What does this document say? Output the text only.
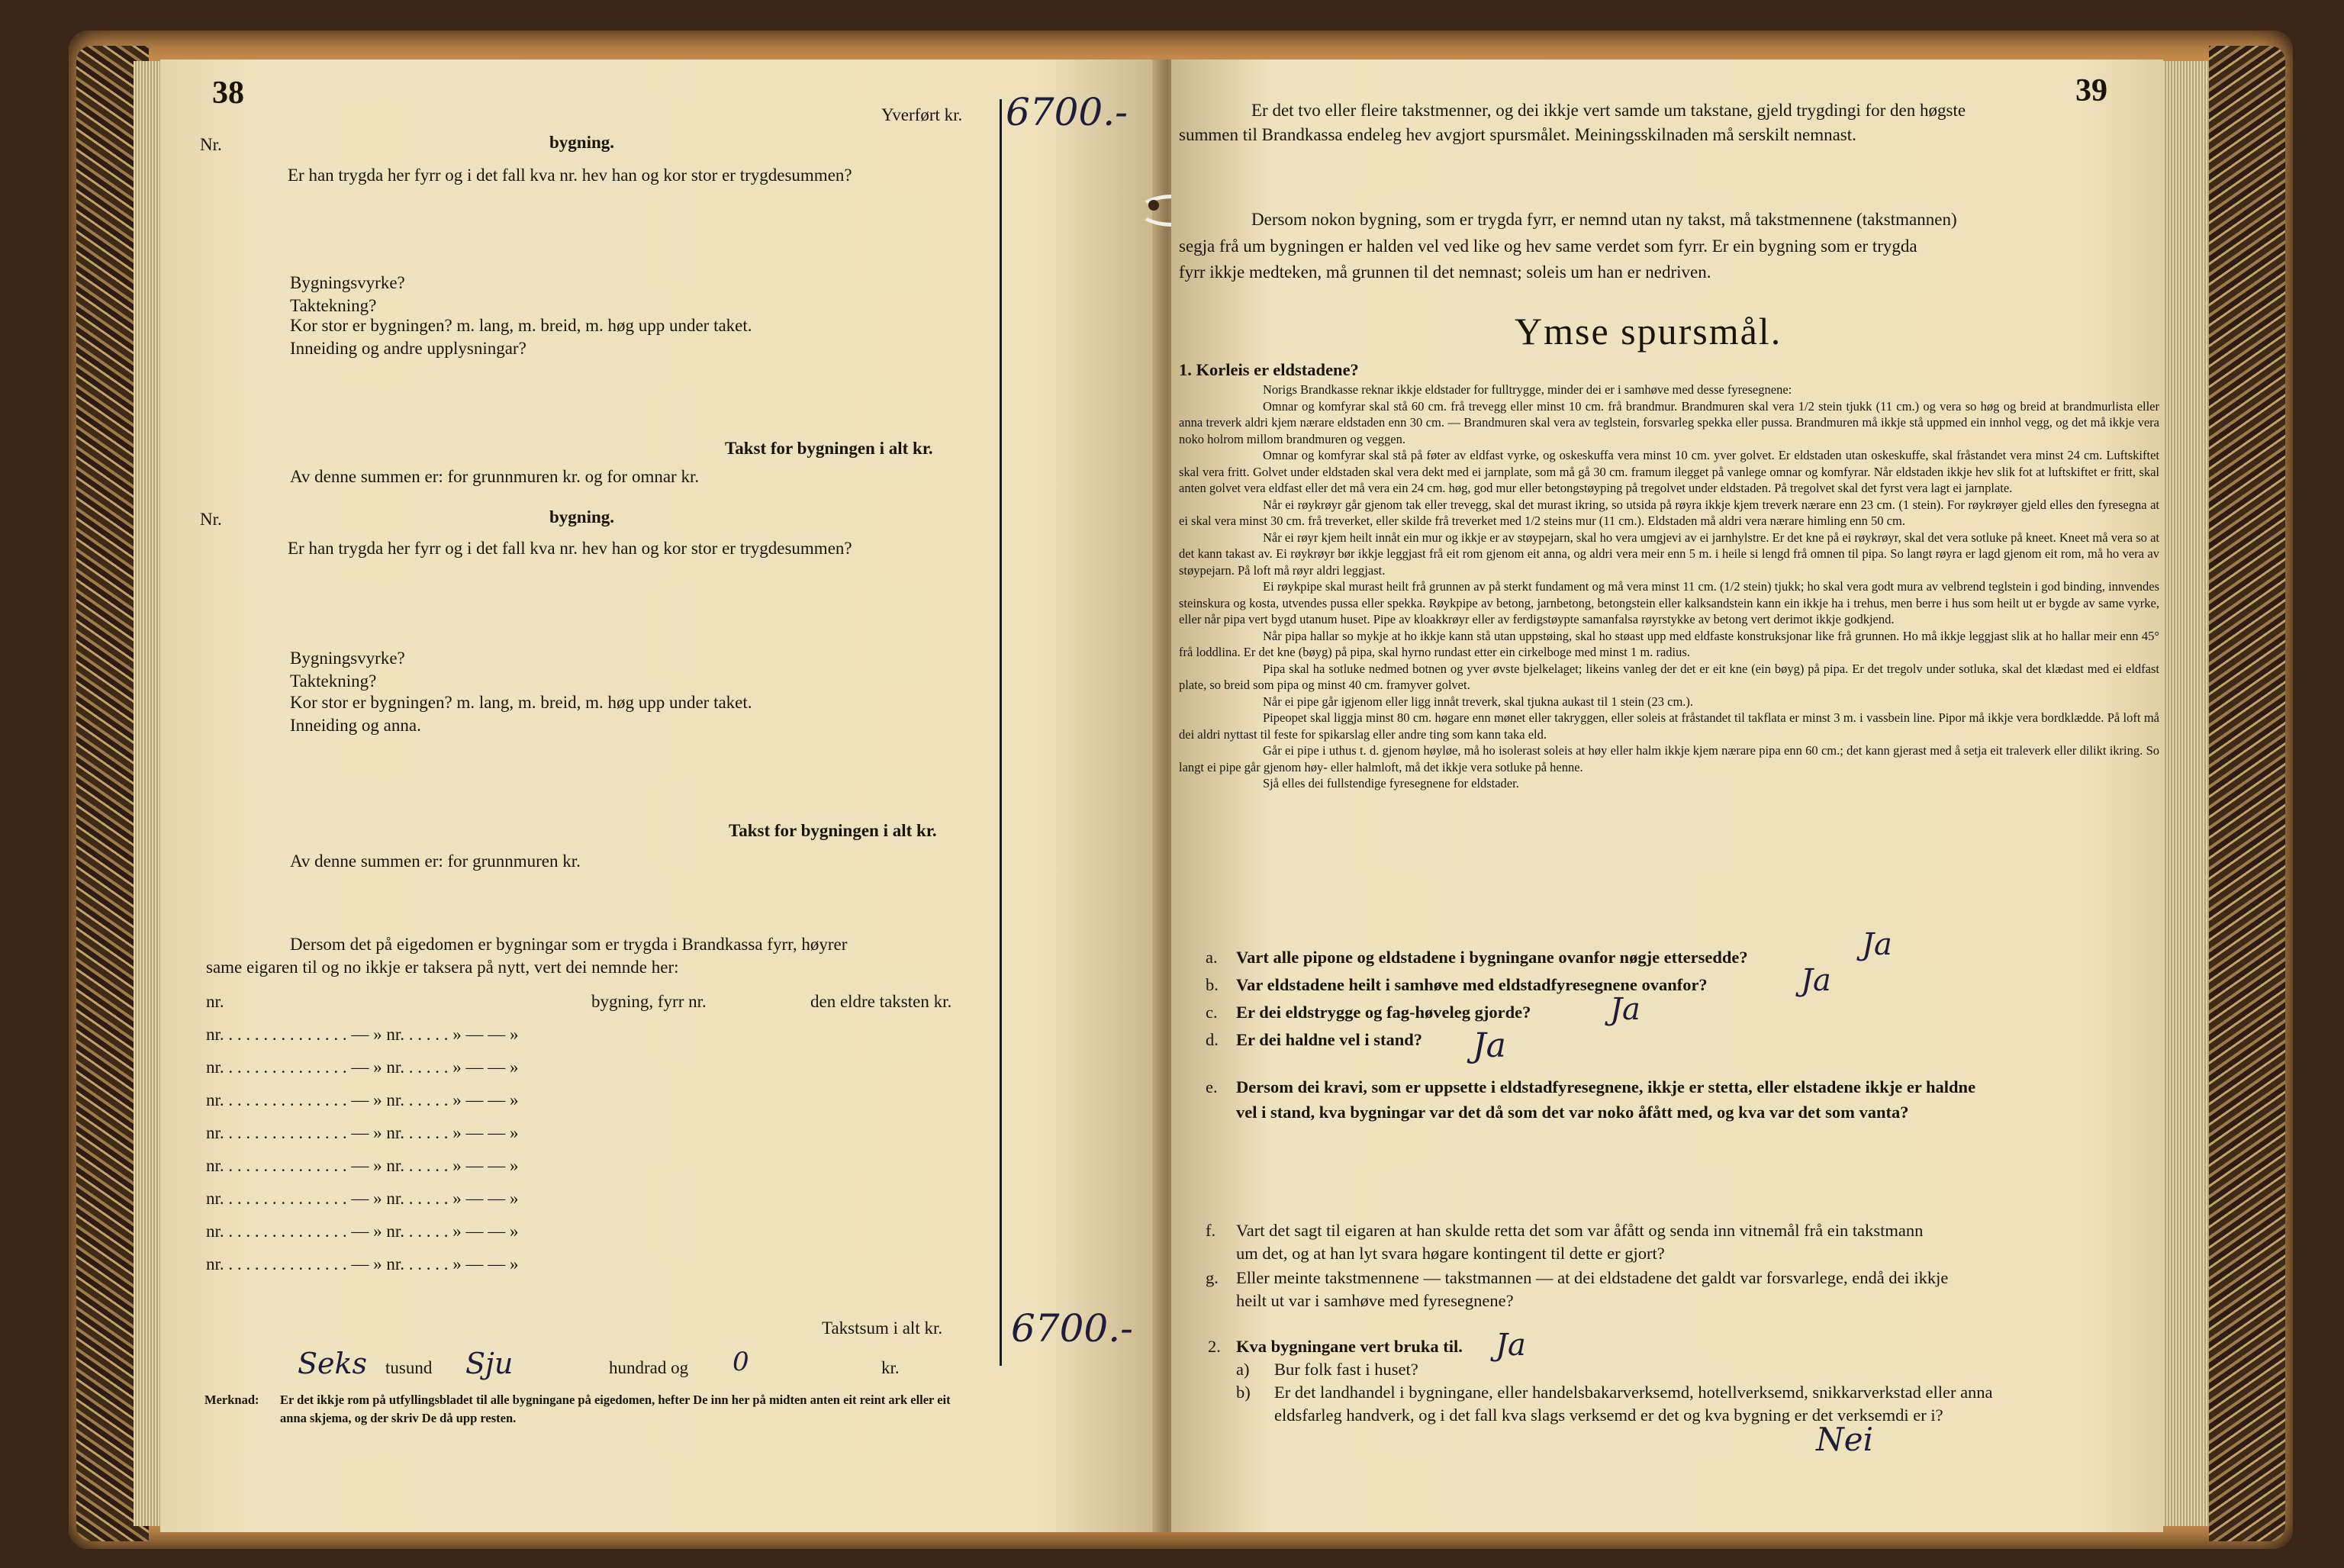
38
Yverført kr. 6700.-
Nr.	bygning.
Er han trygda her fyrr og i det fall kva nr. hev han og kor stor er trygdesummen?
Bygningsvyrke?
Taktekning?
Kor stor er bygningen? m. lang, m. breid, m. høg upp under taket.
Inneiding og andre upplysningar?
Takst for bygningen i alt kr.
Av denne summen er: for grunnmuren kr. og for omnar kr.
Nr.	bygning.
Er han trygda her fyrr og i det fall kva nr. hev han og kor stor er trygdesummen?
Bygningsvyrke?
Taktekning?
Kor stor er bygningen? m. lang, m. breid, m. høg upp under taket.
Inneiding og anna.
Takst for bygningen i alt kr.
Av denne summen er: for grunnmuren kr.
Dersom det på eigedomen er bygningar som er trygda i Brandkassa fyrr, høyrer
same eigaren til og no ikkje er taksera på nytt, vert dei nemnde her:
nr.	bygning, fyrr nr.	den eldre taksten kr.
nr. . . . . . . . . . . . . . . — » nr. . . . . . » — — »
nr. . . . . . . . . . . . . . . — » nr. . . . . . » — — »
nr. . . . . . . . . . . . . . . — » nr. . . . . . » — — »
nr. . . . . . . . . . . . . . . — » nr. . . . . . » — — »
nr. . . . . . . . . . . . . . . — » nr. . . . . . » — — »
nr. . . . . . . . . . . . . . . — » nr. . . . . . » — — »
nr. . . . . . . . . . . . . . . — » nr. . . . . . » — — »
nr. . . . . . . . . . . . . . . — » nr. . . . . . » — — »
Takstsum i alt kr. 6700.-
Seks tusund Sju	hundrad og 0	kr.
Merknad: Er det ikkje rom på utfyllingsbladet til alle bygningane på eigedomen, hefter De inn her på midten anten eit reint ark eller eit
anna skjema, og der skriv De då upp resten.
39
Er det tvo eller fleire takstmenner, og dei ikkje vert samde um takstane, gjeld trygdingi for den høgste
summen til Brandkassa endeleg hev avgjort spursmålet. Meiningsskilnaden må serskilt nemnast.
Dersom nokon bygning, som er trygda fyrr, er nemnd utan ny takst, må takstmennene (takstmannen)
segja frå um bygningen er halden vel ved like og hev same verdet som fyrr. Er ein bygning som er trygda
fyrr ikkje medteken, må grunnen til det nemnast; soleis um han er nedriven.
Ymse spursmål.
1. Korleis er eldstadene?

Norigs Brandkasse reknar ikkje eldstader for fulltrygge, minder dei er i samhøve med desse fyresegnene:

Omnar og komfyrar skal stå 60 cm. frå trevegg eller minst 10 cm. frå brandmur. Brandmuren skal vera 1/2 stein tjukk (11 cm.) og vera so høg og breid at brandmurlista eller anna treverk aldri kjem nærare eldstaden enn 30 cm. — Brandmuren skal vera av teglstein, forsvarleg spekka eller pussa. Brandmuren må ikkje stå uppmed ein innhol vegg, og det må ikkje vera noko holrom millom brandmuren og veggen.

Omnar og komfyrar skal stå på føter av eldfast vyrke, og oskeskuffa vera minst 10 cm. yver golvet. Er eldstaden utan oskeskuffe, skal fråstandet vera minst 24 cm. Luftskiftet skal vera fritt. Golvet under eldstaden skal vera dekt med ei jarnplate, som må gå 30 cm. framum ilegget på vanlege omnar og komfyrar. Når eldstaden ikkje hev slik fot at luftskiftet er fritt, skal anten golvet vera eldfast eller det må vera ein 24 cm. høg, god mur eller betongstøyping på tregolvet under eldstaden. På tregolvet skal det fyrst vera lagt ei jarnplate.

Når ei røykrøyr går gjenom tak eller trevegg, skal det murast ikring, so utsida på røyra ikkje kjem treverk nærare enn 23 cm. (1 stein). For røykrøyer gjeld elles den fyresegna at ei skal vera minst 30 cm. frå treverket, eller skilde frå treverket med 1/2 steins mur (11 cm.). Eldstaden må aldri vera nærare himling enn 50 cm.

Når ei røyr kjem heilt innåt ein mur og ikkje er av støypejarn, skal ho vera umgjevi av ei jarnhylstre. Er det kne på ei røykrøyr, skal det vera sotluke på kneet. Kneet må vera so at det kann takast av. Ei røykrøyr bør ikkje leggjast frå eit rom gjenom eit anna, og aldri vera meir enn 5 m. i heile si lengd frå omnen til pipa. So langt røyra er lagd gjenom eit rom, må ho vera av støypejarn. På loft må røyr aldri leggjast.

Ei røykpipe skal murast heilt frå grunnen av på sterkt fundament og må vera minst 11 cm. (1/2 stein) tjukk; ho skal vera godt mura av velbrend teglstein i god binding, innvendes steinskura og kosta, utvendes pussa eller spekka. Røykpipe av betong, jarnbetong, betongstein eller kalksandstein kann ein ikkje ha i trehus, men berre i hus som heilt ut er bygde av same vyrke, eller når pipa vert bygd utanum huset. Pipe av kloakkrøyr eller av ferdigstøypte samanfalsa røyrstykke av betong vert derimot ikkje godkjend.

Når pipa hallar so mykje at ho ikkje kann stå utan uppstøing, skal ho støast upp med eldfaste konstruksjonar like frå grunnen. Ho må ikkje leggjast slik at ho hallar meir enn 45° frå loddlina. Er det kne (bøyg) på pipa, skal hyrno rundast etter ein cirkelboge med minst 1 m. radius.

Pipa skal ha sotluke nedmed botnen og yver øvste bjelkelaget; likeins vanleg der det er eit kne (ein bøyg) på pipa. Er det tregolv under sotluka, skal det klædast med ei eldfast plate, so breid som pipa og minst 40 cm. framyver golvet.

Når ei pipe går igjenom eller ligg innåt treverk, skal tjukna aukast til 1 stein (23 cm.).

Pipeopet skal liggja minst 80 cm. høgare enn mønet eller takryggen, eller soleis at fråstandet til takflata er minst 3 m. i vassbein line. Pipor må ikkje vera bordklædde. På loft må dei aldri nyttast til feste for spikarslag eller andre ting som kann taka eld.

Går ei pipe i uthus t. d. gjenom høyløe, må ho isolerast soleis at høy eller halm ikkje kjem nærare pipa enn 60 cm.; det kann gjerast med å setja eit traleverk eller dilikt ikring. So langt ei pipe går gjenom høy- eller halmloft, må det ikkje vera sotluke på henne.

Sjå elles dei fullstendige fyresegnene for eldstader.

a. Vart alle pipone og eldstadene i bygningane ovanfor nøgje ettersedde?	Ja
b. Var eldstadene heilt i samhøve med eldstadfyresegnene ovanfor?	Ja
c. Er dei eldstrygge og fag-høveleg gjorde?	Ja
d. Er dei haldne vel i stand? Ja
e. Dersom dei kravi, som er uppsette i eldstadfyresegnene, ikkje er stetta, eller elstadene ikkje er haldne
vel i stand, kva bygningar var det då som det var noko åfått med, og kva var det som vanta?
f. Vart det sagt til eigaren at han skulde retta det som var åfått og senda inn vitnemål frå ein takstmann
um det, og at han lyt svara høgare kontingent til dette er gjort?
g. Eller meinte takstmennene — takstmannen — at dei eldstadene det galdt var forsvarlege, endå dei ikkje
heilt ut var i samhøve med fyresegnene?
2. Kva bygningane vert bruka til. Ja
a) Bur folk fast i huset?
b) Er det landhandel i bygningane, eller handelsbakarverksemd, hotellverksemd, snikkarverkstad eller anna
eldsfarleg handverk, og i det fall kva slags verksemd er det og kva bygning er det verksemdi er i?
Nei
